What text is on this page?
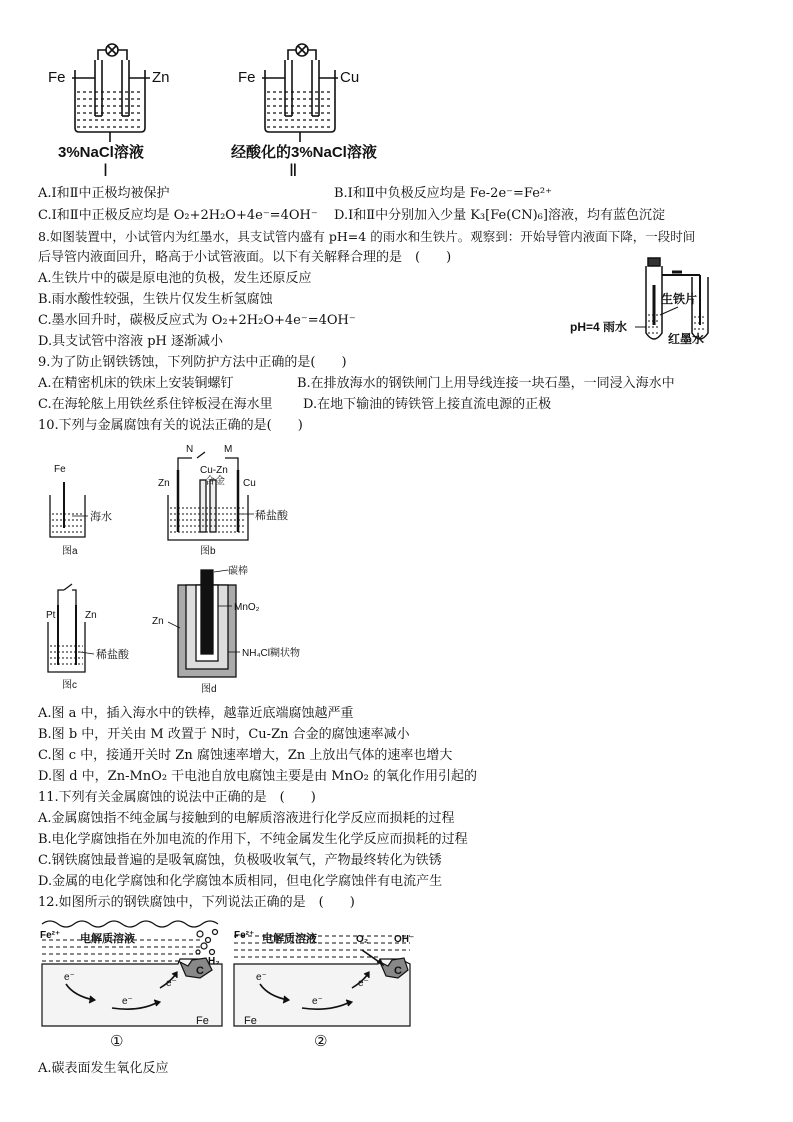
Fe	Zn
3%NaCl溶液
Ⅰ
Fe	Cu
经酸化的3%NaCl溶液
Ⅱ
A.Ⅰ和Ⅱ中正极均被保护	B.Ⅰ和Ⅱ中负极反应均是 Fe-2e⁻=Fe²⁺
C.Ⅰ和Ⅱ中正极反应均是 O₂+2H₂O+4e⁻=4OH⁻ D.Ⅰ和Ⅱ中分别加入少量 K₃[Fe(CN)₆]溶液，均有蓝色沉淀
8.如图装置中，小试管内为红墨水，具支试管内盛有 pH=4 的雨水和生铁片。观察到：开始导管内液面下降，一段时间
后导管内液面回升，略高于小试管液面。以下有关解释合理的是　(　　)
A.生铁片中的碳是原电池的负极，发生还原反应
B.雨水酸性较强，生铁片仅发生析氢腐蚀
C.墨水回升时，碳极反应式为 O₂+2H₂O+4e⁻=4OH⁻
D.具支试管中溶液 pH 逐渐减小
生铁片
pH=4 雨水
红墨水
9.为了防止钢铁锈蚀，下列防护方法中正确的是(　　)
A.在精密机床的铁床上安装铜螺钉	B.在排放海水的钢铁闸门上用导线连接一块石墨，一同浸入海水中
C.在海轮舷上用铁丝系住锌板浸在海水里 D.在地下输油的铸铁管上接直流电源的正极
10.下列与金属腐蚀有关的说法正确的是(　　)
Fe
海水
图a
N	M
Cu-Zn
合金
Zn	Cu
稀盐酸
图b
Pt	Zn
稀盐酸
图c
碳棒
MnO₂
Zn
NH₄Cl糊状物
图d
A.图 a 中，插入海水中的铁棒，越靠近底端腐蚀越严重
B.图 b 中，开关由 M 改置于 N时，Cu-Zn 合金的腐蚀速率减小
C.图 c 中，接通开关时 Zn 腐蚀速率增大，Zn 上放出气体的速率也增大
D.图 d 中，Zn-MnO₂ 干电池自放电腐蚀主要是由 MnO₂ 的氧化作用引起的
11.下列有关金属腐蚀的说法中正确的是　(　　)
A.金属腐蚀指不纯金属与接触到的电解质溶液进行化学反应而损耗的过程
B.电化学腐蚀指在外加电流的作用下，不纯金属发生化学反应而损耗的过程
C.钢铁腐蚀最普遍的是吸氧腐蚀，负极吸收氧气，产物最终转化为铁锈
D.金属的电化学腐蚀和化学腐蚀本质相同，但电化学腐蚀伴有电流产生
12.如图所示的钢铁腐蚀中，下列说法正确的是　(　　)
Fe²⁺ 电解质溶液
H₂
C
e⁻
e⁻
e⁻
Fe
①
Fe²⁺ 电解质溶液	O₂	OH⁻
C
e⁻
e⁻
e⁻
Fe
②
A.碳表面发生氧化反应
